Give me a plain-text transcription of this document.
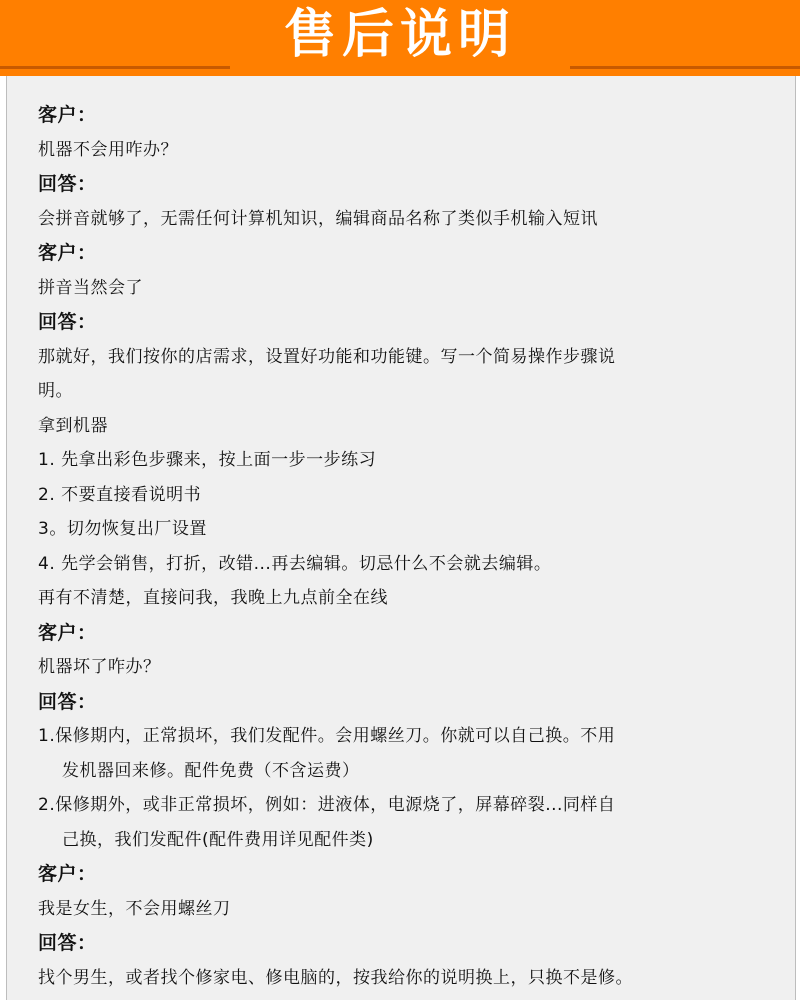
售后说明
客户：
机器不会用咋办？
回答：
会拼音就够了，无需任何计算机知识，编辑商品名称了类似手机输入短讯
客户：
拼音当然会了
回答：
那就好，我们按你的店需求，设置好功能和功能键。写一个简易操作步骤说
明。
拿到机器
1. 先拿出彩色步骤来，按上面一步一步练习
2. 不要直接看说明书
3。切勿恢复出厂设置
4. 先学会销售，打折，改错...再去编辑。切忌什么不会就去编辑。
再有不清楚，直接问我，我晚上九点前全在线
客户：
机器坏了咋办？
回答：
1.保修期内，正常损坏，我们发配件。会用螺丝刀。你就可以自己换。不用
发机器回来修。配件免费（不含运费）
2.保修期外，或非正常损坏，例如：进液体，电源烧了，屏幕碎裂...同样自
己换，我们发配件(配件费用详见配件类)
客户：
我是女生，不会用螺丝刀
回答：
找个男生，或者找个修家电、修电脑的，按我给你的说明换上，只换不是修。
